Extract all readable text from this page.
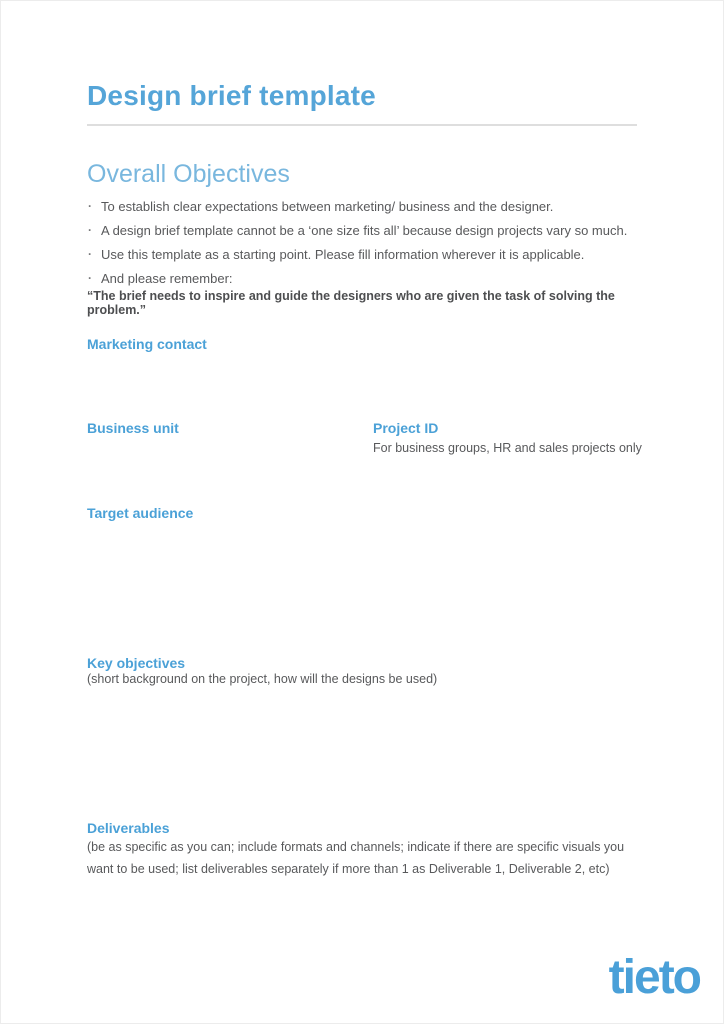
Design brief template
Overall Objectives
· To establish clear expectations between marketing/ business and the designer.
· A design brief template cannot be a ‘one size fits all’ because design projects vary so much.
· Use this template as a starting point. Please fill information wherever it is applicable.
· And please remember:

“The brief needs to inspire and guide the designers who are given the task of solving the problem.”

Marketing contact
Business unit	Project ID

For business groups, HR and sales projects only

Target audience
Key objectives

(short background on the project, how will the designs be used)

Deliverables

(be as specific as you can; include formats and channels; indicate if there are specific visuals you want to be used; list deliverables separately if more than 1 as Deliverable 1, Deliverable 2, etc)

tieto
